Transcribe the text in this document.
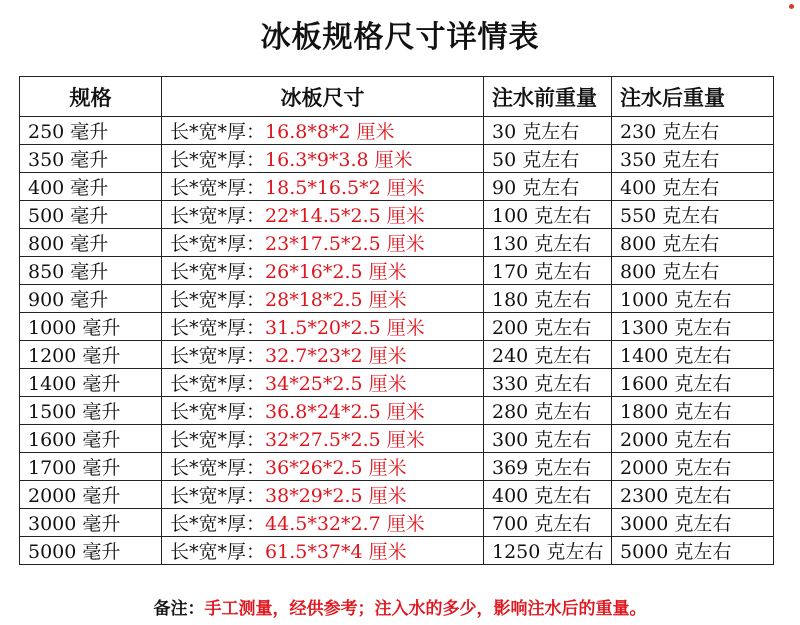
冰板规格尺寸详情表
规格	冰板尺寸	注水前重量	注水后重量
250 毫升	长*宽*厚：16.8*8*2 厘米	30 克左右	230 克左右
350 毫升	长*宽*厚：16.3*9*3.8 厘米	50 克左右	350 克左右
400 毫升	长*宽*厚：18.5*16.5*2 厘米	90 克左右	400 克左右
500 毫升	长*宽*厚：22*14.5*2.5 厘米	100 克左右	550 克左右
800 毫升	长*宽*厚：23*17.5*2.5 厘米	130 克左右	800 克左右
850 毫升	长*宽*厚：26*16*2.5 厘米	170 克左右	800 克左右
900 毫升	长*宽*厚：28*18*2.5 厘米	180 克左右	1000 克左右
1000 毫升	长*宽*厚：31.5*20*2.5 厘米	200 克左右	1300 克左右
1200 毫升	长*宽*厚：32.7*23*2 厘米	240 克左右	1400 克左右
1400 毫升	长*宽*厚：34*25*2.5 厘米	330 克左右	1600 克左右
1500 毫升	长*宽*厚：36.8*24*2.5 厘米	280 克左右	1800 克左右
1600 毫升	长*宽*厚：32*27.5*2.5 厘米	300 克左右	2000 克左右
1700 毫升	长*宽*厚：36*26*2.5 厘米	369 克左右	2000 克左右
2000 毫升	长*宽*厚：38*29*2.5 厘米	400 克左右	2300 克左右
3000 毫升	长*宽*厚：44.5*32*2.7 厘米	700 克左右	3000 克左右
5000 毫升	长*宽*厚：61.5*37*4 厘米	1250 克左右	5000 克左右
备注：手工测量，经供参考；注入水的多少，影响注水后的重量。
